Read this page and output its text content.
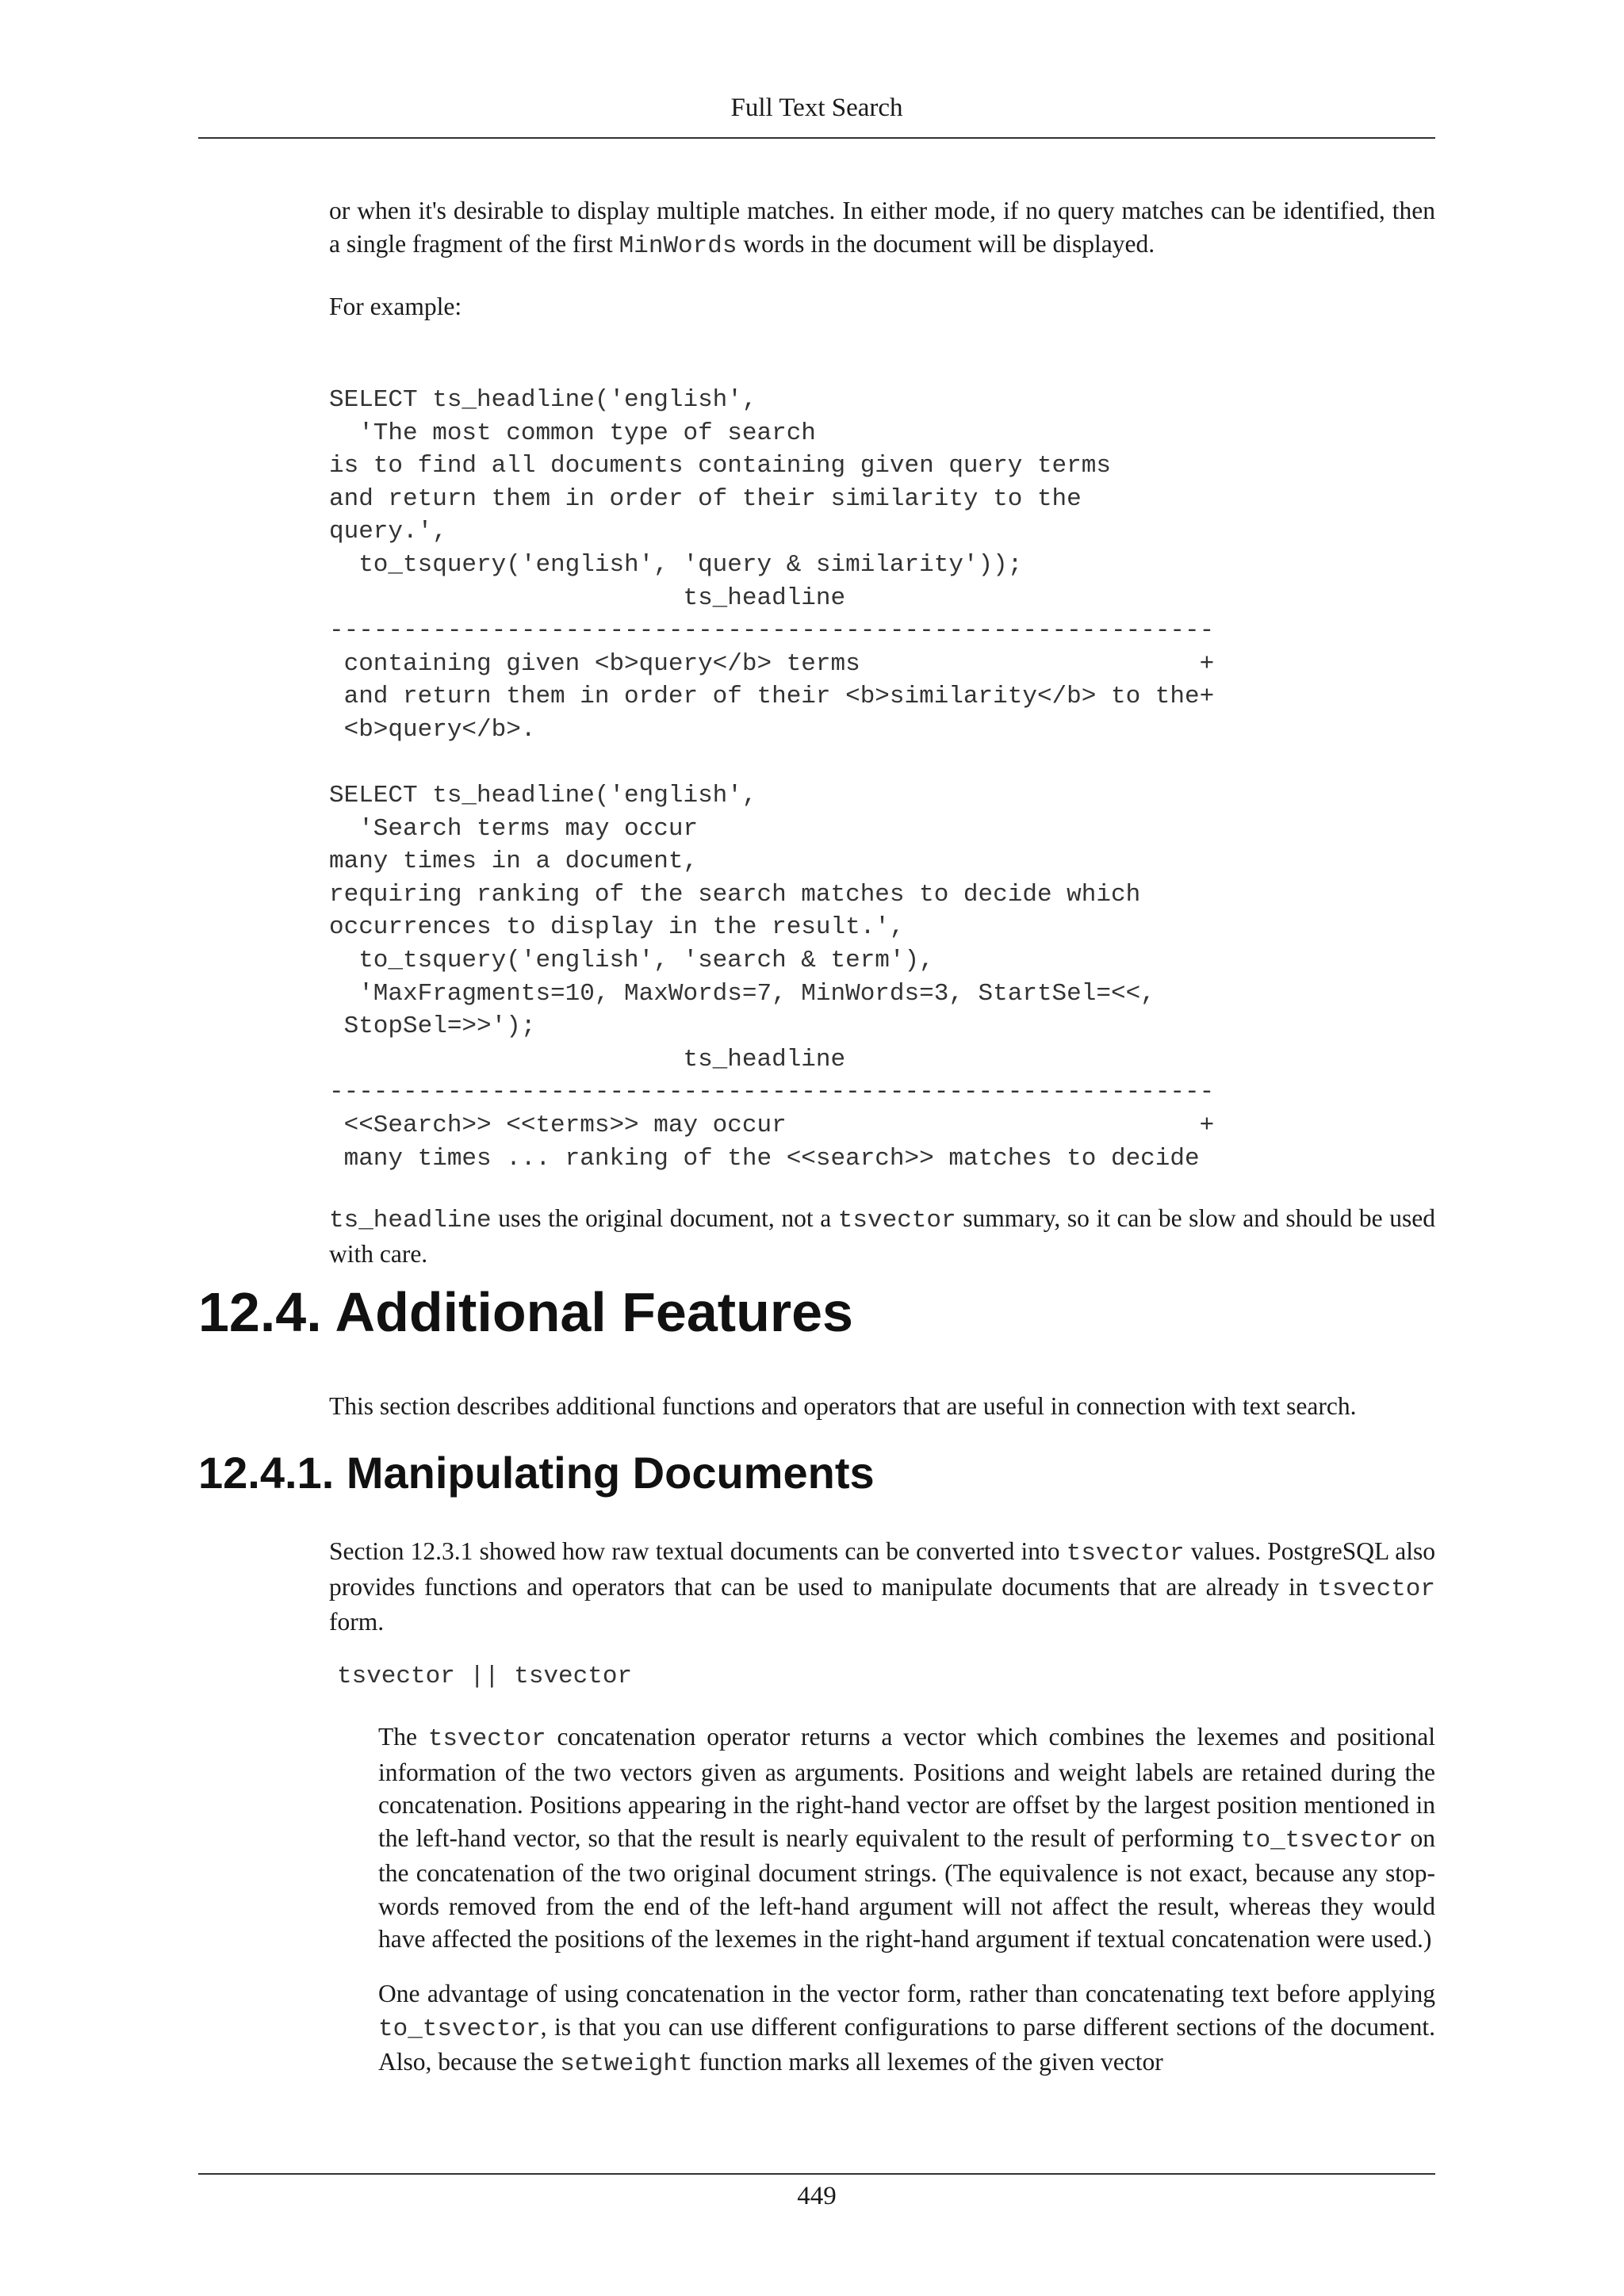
Full Text Search

or when it's desirable to display multiple matches. In either mode, if no query matches can be identified, then a single fragment of the first MinWords words in the document will be displayed.

For example:

SELECT ts_headline('english',
'The most common type of search
is to find all documents containing given query terms
and return them in order of their similarity to the
query.',
to_tsquery('english', 'query & similarity'));
ts_headline
------------------------------------------------------------
containing given <b>query</b> terms                       +
and return them in order of their <b>similarity</b> to the+
<b>query</b>.
SELECT ts_headline('english',
'Search terms may occur
many times in a document,
requiring ranking of the search matches to decide which
occurrences to display in the result.',
to_tsquery('english', 'search & term'),
'MaxFragments=10, MaxWords=7, MinWords=3, StartSel=<<,
StopSel=>>');
ts_headline
------------------------------------------------------------
<<Search>> <<terms>> may occur                            +
many times ... ranking of the <<search>> matches to decide

ts_headline uses the original document, not a tsvector summary, so it can be slow and should be used with care.

12.4. Additional Features

This section describes additional functions and operators that are useful in connection with text search.

12.4.1. Manipulating Documents

Section 12.3.1 showed how raw textual documents can be converted into tsvector values. PostgreSQL also provides functions and operators that can be used to manipulate documents that are already in tsvector form.

tsvector || tsvector

The tsvector concatenation operator returns a vector which combines the lexemes and positional information of the two vectors given as arguments. Positions and weight labels are retained during the concatenation. Positions appearing in the right-hand vector are offset by the largest position mentioned in the left-hand vector, so that the result is nearly equivalent to the result of performing to_tsvector on the concatenation of the two original document strings. (The equivalence is not exact, because any stop-words removed from the end of the left-hand argument will not affect the result, whereas they would have affected the positions of the lexemes in the right-hand argument if textual concatenation were used.)

One advantage of using concatenation in the vector form, rather than concatenating text before applying to_tsvector, is that you can use different configurations to parse different sections of the document. Also, because the setweight function marks all lexemes of the given vector

449
